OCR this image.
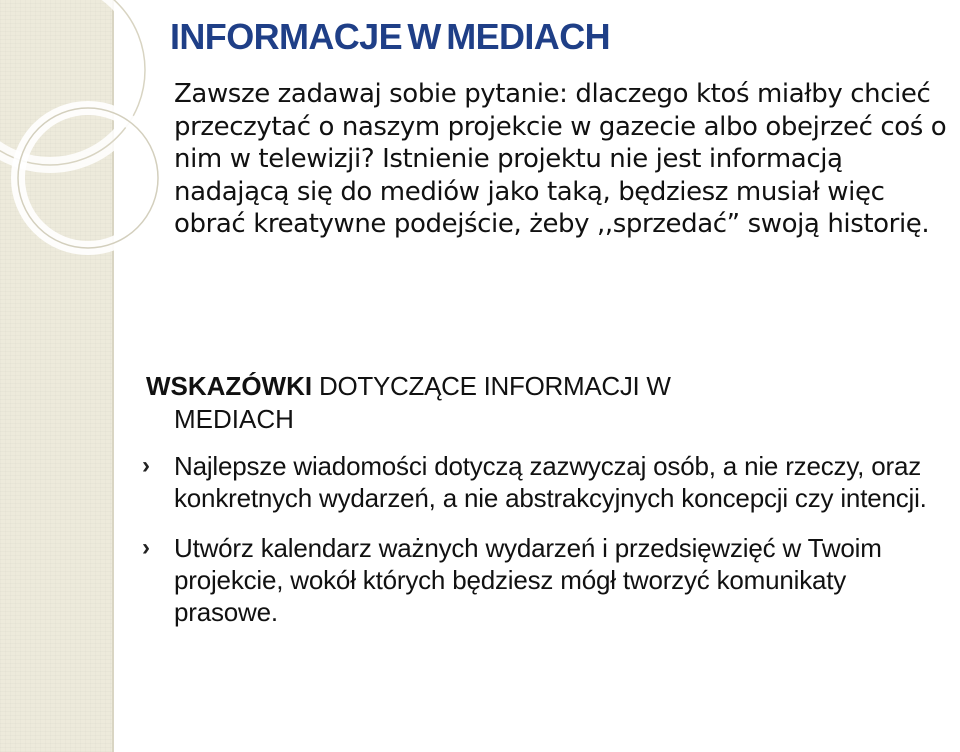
INFORMACJE W MEDIACH

Zawsze zadawaj sobie pytanie: dlaczego ktoś miałby chcieć przeczytać o naszym projekcie w gazecie albo obejrzeć coś o nim w telewizji? Istnienie projektu nie jest informacją nadającą się do mediów jako taką, będziesz musiał więc obrać kreatywne podejście, żeby ,,sprzedać” swoją historię.

WSKAZÓWKI DOTYCZĄCE INFORMACJI W
MEDIACH
› Najlepsze wiadomości dotyczą zazwyczaj osób, a nie rzeczy, oraz konkretnych wydarzeń, a nie abstrakcyjnych koncepcji czy intencji.
› Utwórz kalendarz ważnych wydarzeń i przedsięwzięć w Twoim projekcie, wokół których będziesz mógł tworzyć komunikaty prasowe.
